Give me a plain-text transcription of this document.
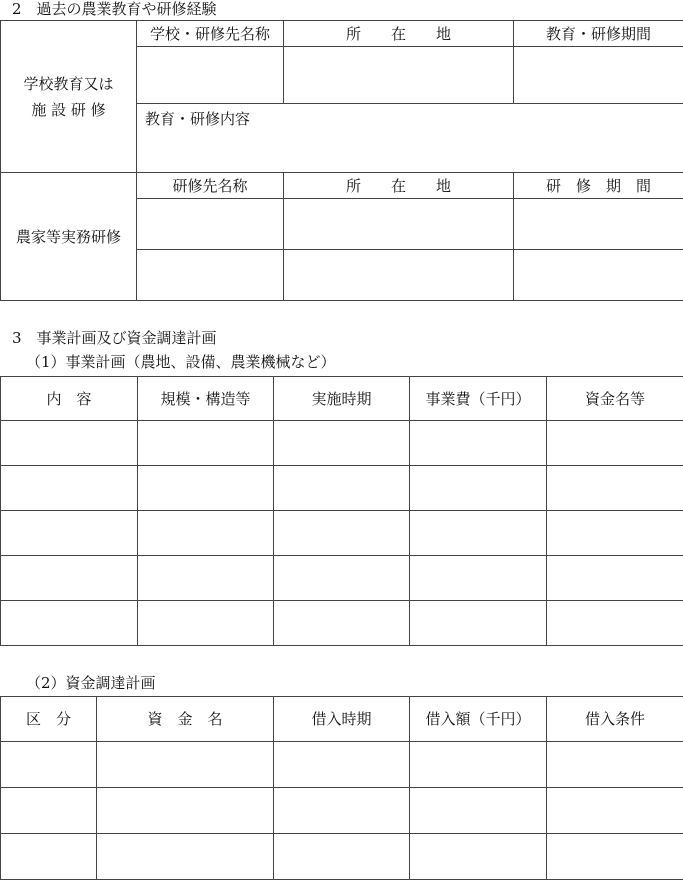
2　過去の農業教育や研修経験
学校教育又は
施 設 研 修	学校・研修先名称	所　　在　　地	教育・研修期間

	教育・研修内容		
農家等実務研修	研修先名称	所　　在　　地	研　修　期　間

3　事業計画及び資金調達計画
（1）事業計画（農地、設備、農業機械など）
内　容	規模・構造等	実施時期	事業費（千円）	資金名等

（2）資金調達計画
区　分	資　金　名	借入時期	借入額（千円）	借入条件
